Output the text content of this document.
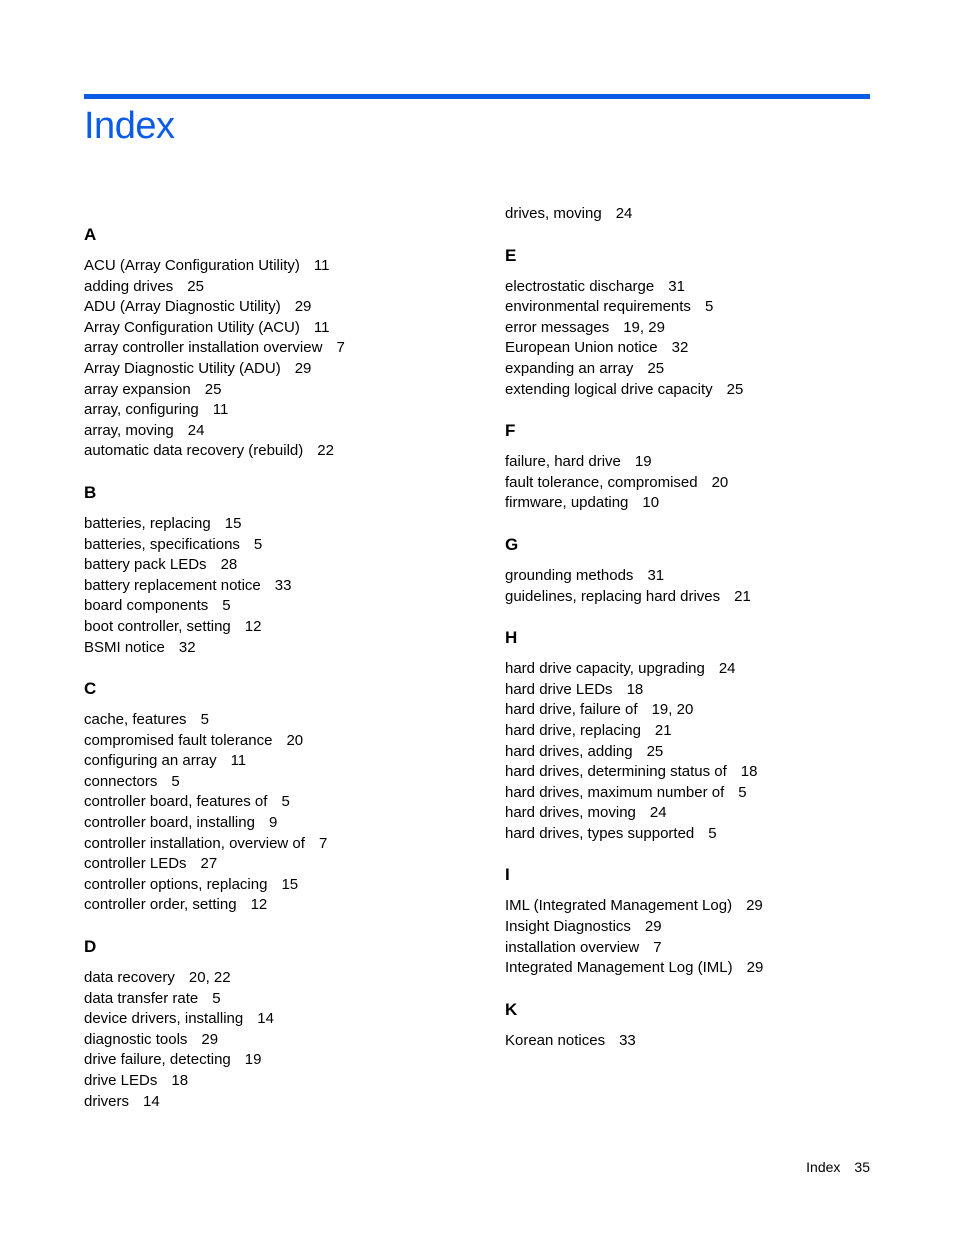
Index
A
ACU (Array Configuration Utility) 11
adding drives 25
ADU (Array Diagnostic Utility) 29
Array Configuration Utility (ACU) 11
array controller installation overview 7
Array Diagnostic Utility (ADU) 29
array expansion 25
array, configuring 11
array, moving 24
automatic data recovery (rebuild) 22
B
batteries, replacing 15
batteries, specifications 5
battery pack LEDs 28
battery replacement notice 33
board components 5
boot controller, setting 12
BSMI notice 32
C
cache, features 5
compromised fault tolerance 20
configuring an array 11
connectors 5
controller board, features of 5
controller board, installing 9
controller installation, overview of 7
controller LEDs 27
controller options, replacing 15
controller order, setting 12
D
data recovery 20, 22
data transfer rate 5
device drivers, installing 14
diagnostic tools 29
drive failure, detecting 19
drive LEDs 18
drivers 14
drives, moving 24
E
electrostatic discharge 31
environmental requirements 5
error messages 19, 29
European Union notice 32
expanding an array 25
extending logical drive capacity 25
F
failure, hard drive 19
fault tolerance, compromised 20
firmware, updating 10
G
grounding methods 31
guidelines, replacing hard drives 21
H
hard drive capacity, upgrading 24
hard drive LEDs 18
hard drive, failure of 19, 20
hard drive, replacing 21
hard drives, adding 25
hard drives, determining status of 18
hard drives, maximum number of 5
hard drives, moving 24
hard drives, types supported 5
I
IML (Integrated Management Log) 29
Insight Diagnostics 29
installation overview 7
Integrated Management Log (IML) 29
K
Korean notices 33
Index 35
